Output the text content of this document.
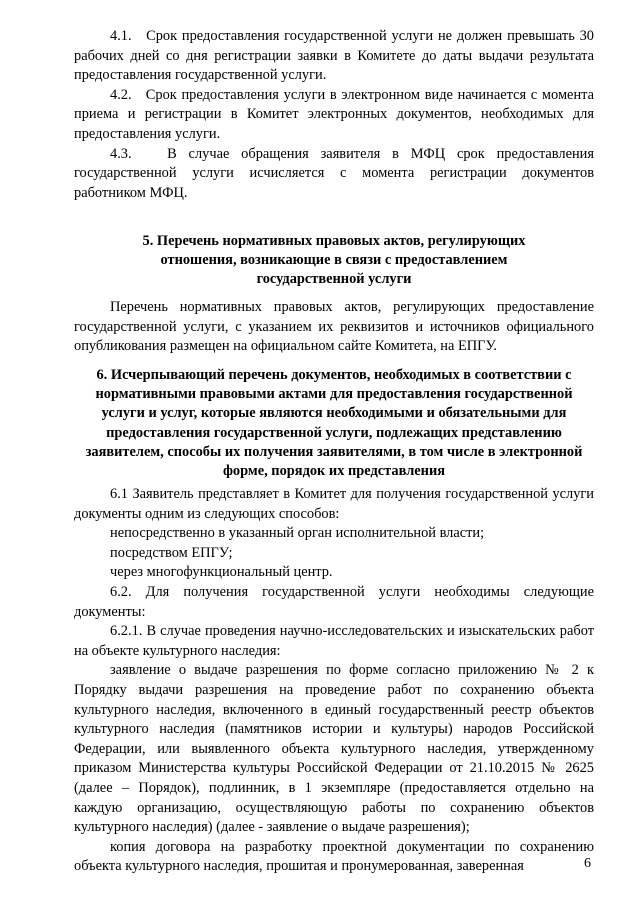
4.1.   Срок предоставления государственной услуги не должен превышать 30 рабочих дней со дня регистрации заявки в Комитете до даты выдачи результата предоставления государственной услуги.

4.2.   Срок предоставления услуги в электронном виде начинается с момента приема и регистрации в Комитет электронных документов, необходимых для предоставления услуги.

4.3.   В случае обращения заявителя в МФЦ срок предоставления государственной услуги исчисляется с момента регистрации документов работником МФЦ.

5. Перечень нормативных правовых актов, регулирующих отношения, возникающие в связи с предоставлением государственной услуги

Перечень нормативных правовых актов, регулирующих предоставление государственной услуги, с указанием их реквизитов и источников официального опубликования размещен на официальном сайте Комитета, на ЕПГУ.

6. Исчерпывающий перечень документов, необходимых в соответствии с нормативными правовыми актами для предоставления государственной услуги и услуг, которые являются необходимыми и обязательными для предоставления государственной услуги, подлежащих представлению заявителем, способы их получения заявителями, в том числе в электронной форме, порядок их представления

6.1 Заявитель представляет в Комитет для получения государственной услуги документы одним из следующих способов:

непосредственно в указанный орган исполнительной власти;

посредством ЕПГУ;

через многофункциональный центр.

6.2. Для получения государственной услуги необходимы следующие документы:

6.2.1. В случае проведения научно-исследовательских и изыскательских работ на объекте культурного наследия:

заявление о выдаче разрешения по форме согласно приложению № 2 к Порядку выдачи разрешения на проведение работ по сохранению объекта культурного наследия, включенного в единый государственный реестр объектов культурного наследия (памятников истории и культуры) народов Российской Федерации, или выявленного объекта культурного наследия, утвержденному приказом Министерства культуры Российской Федерации от 21.10.2015 № 2625 (далее – Порядок), подлинник, в 1 экземпляре (предоставляется отдельно на каждую организацию, осуществляющую работы по сохранению объектов культурного наследия) (далее - заявление о выдаче разрешения);

копия договора на разработку проектной документации по сохранению объекта культурного наследия, прошитая и пронумерованная, заверенная	6
